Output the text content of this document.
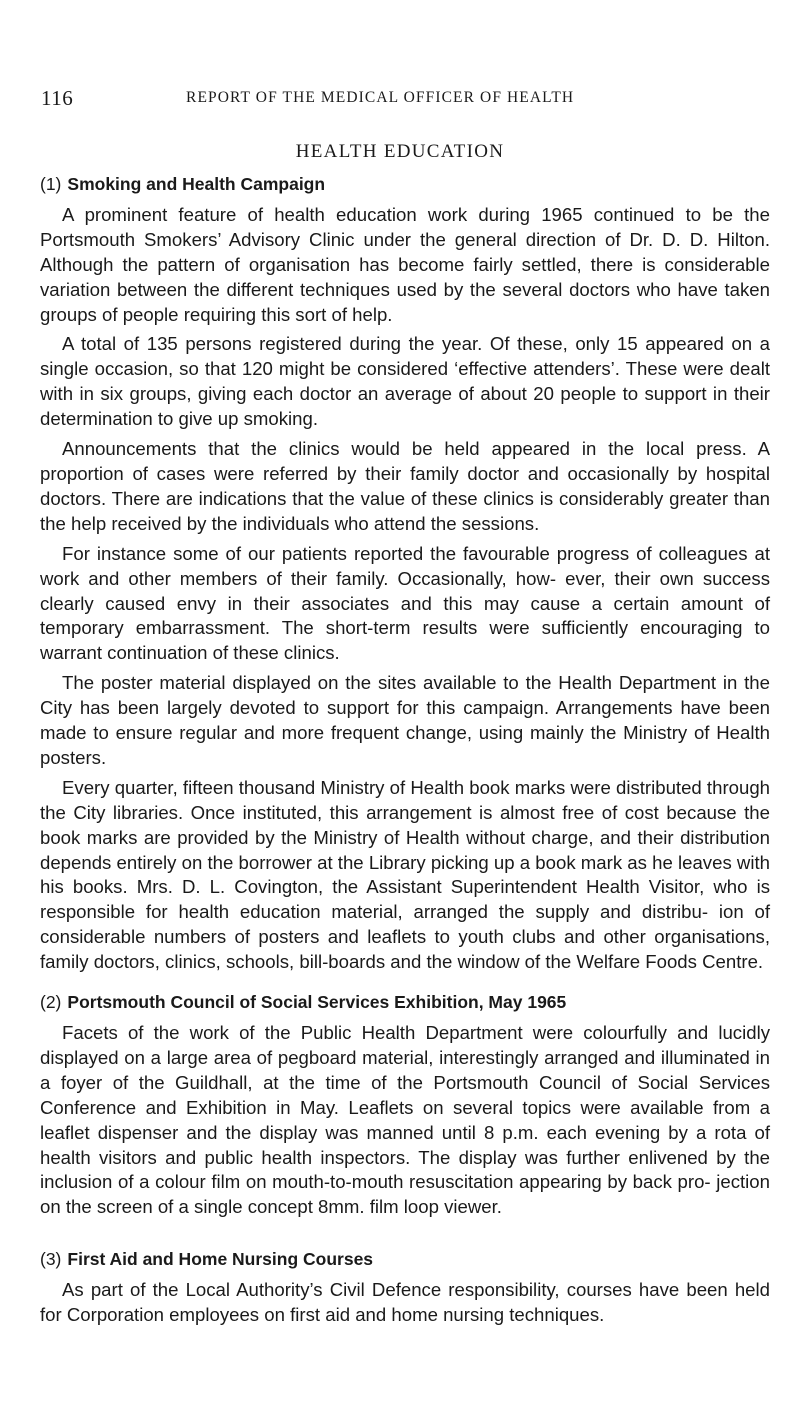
116	REPORT OF THE MEDICAL OFFICER OF HEALTH
HEALTH EDUCATION
(1) Smoking and Health Campaign

A prominent feature of health education work during 1965 continued to be the Portsmouth Smokers’ Advisory Clinic under the general direction of Dr. D. D. Hilton. Although the pattern of organisation has become fairly settled, there is considerable variation between the different techniques used by the several doctors who have taken groups of people requiring this sort of help.

A total of 135 persons registered during the year. Of these, only 15 appeared on a single occasion, so that 120 might be considered ‘effective attenders’. These were dealt with in six groups, giving each doctor an average of about 20 people to support in their determination to give up smoking.

Announcements that the clinics would be held appeared in the local press. A proportion of cases were referred by their family doctor and occasionally by hospital doctors. There are indications that the value of these clinics is considerably greater than the help received by the individuals who attend the sessions.

For instance some of our patients reported the favourable progress of colleagues at work and other members of their family. Occasionally, how- ever, their own success clearly caused envy in their associates and this may cause a certain amount of temporary embarrassment. The short-term results were sufficiently encouraging to warrant continuation of these clinics.

The poster material displayed on the sites available to the Health Department in the City has been largely devoted to support for this campaign. Arrangements have been made to ensure regular and more frequent change, using mainly the Ministry of Health posters.

Every quarter, fifteen thousand Ministry of Health book marks were distributed through the City libraries. Once instituted, this arrangement is almost free of cost because the book marks are provided by the Ministry of Health without charge, and their distribution depends entirely on the borrower at the Library picking up a book mark as he leaves with his books. Mrs. D. L. Covington, the Assistant Superintendent Health Visitor, who is responsible for health education material, arranged the supply and distribu- ion of considerable numbers of posters and leaflets to youth clubs and other organisations, family doctors, clinics, schools, bill-boards and the window of the Welfare Foods Centre.

(2) Portsmouth Council of Social Services Exhibition, May 1965

Facets of the work of the Public Health Department were colourfully and lucidly displayed on a large area of pegboard material, interestingly arranged and illuminated in a foyer of the Guildhall, at the time of the Portsmouth Council of Social Services Conference and Exhibition in May. Leaflets on several topics were available from a leaflet dispenser and the display was manned until 8 p.m. each evening by a rota of health visitors and public health inspectors. The display was further enlivened by the inclusion of a colour film on mouth-to-mouth resuscitation appearing by back pro- jection on the screen of a single concept 8mm. film loop viewer.

(3) First Aid and Home Nursing Courses

As part of the Local Authority’s Civil Defence responsibility, courses have been held for Corporation employees on first aid and home nursing techniques.
